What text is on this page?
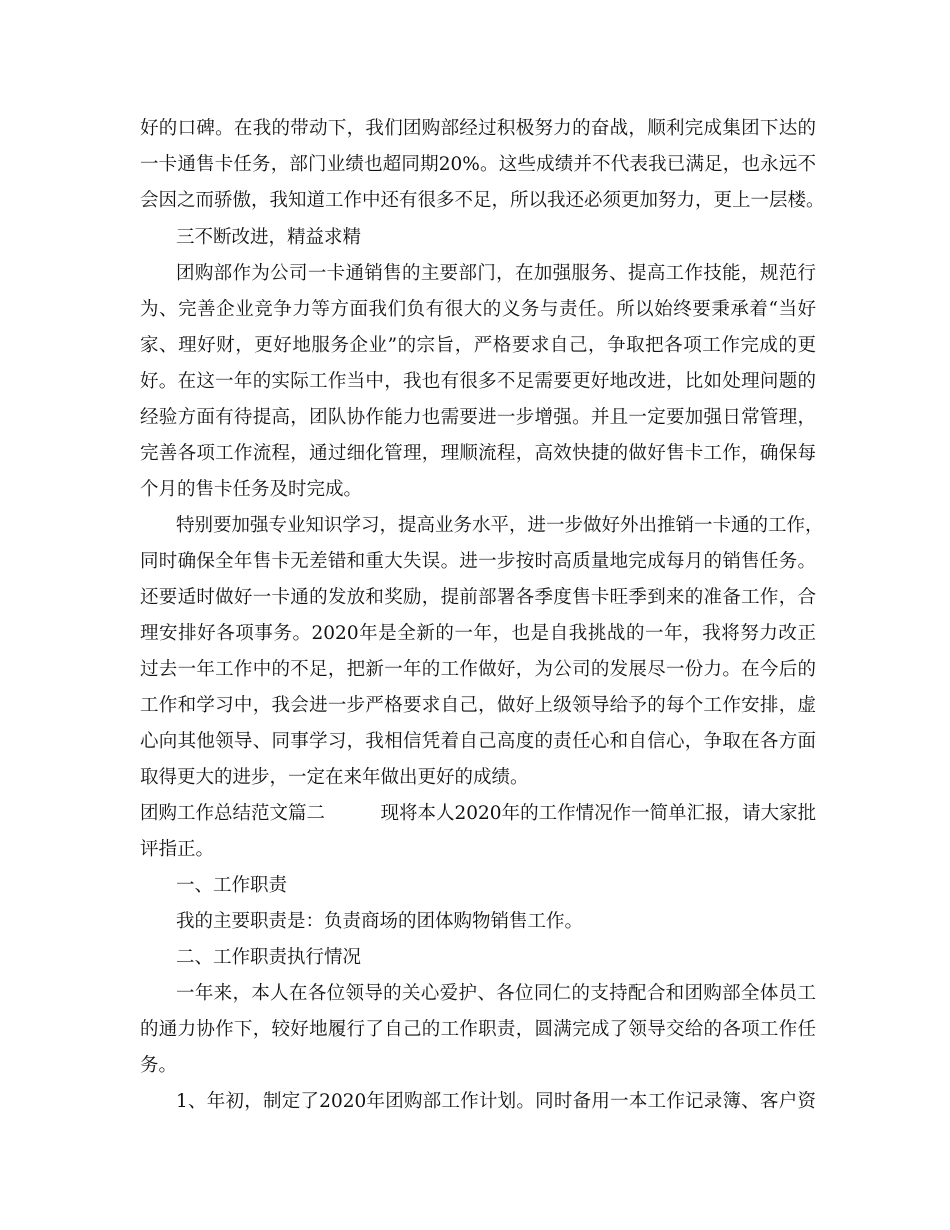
好的口碑。在我的带动下，我们团购部经过积极努力的奋战，顺利完成集团下达的
一卡通售卡任务，部门业绩也超同期20%。这些成绩并不代表我已满足，也永远不
会因之而骄傲，我知道工作中还有很多不足，所以我还必须更加努力，更上一层楼。
三不断改进，精益求精
团购部作为公司一卡通销售的主要部门，在加强服务、提高工作技能，规范行
为、完善企业竞争力等方面我们负有很大的义务与责任。所以始终要秉承着“当好
家、理好财，更好地服务企业”的宗旨，严格要求自己，争取把各项工作完成的更
好。在这一年的实际工作当中，我也有很多不足需要更好地改进，比如处理问题的
经验方面有待提高，团队协作能力也需要进一步增强。并且一定要加强日常管理，
完善各项工作流程，通过细化管理，理顺流程，高效快捷的做好售卡工作，确保每
个月的售卡任务及时完成。
特别要加强专业知识学习，提高业务水平，进一步做好外出推销一卡通的工作，
同时确保全年售卡无差错和重大失误。进一步按时高质量地完成每月的销售任务。
还要适时做好一卡通的发放和奖励，提前部署各季度售卡旺季到来的准备工作，合
理安排好各项事务。2020年是全新的一年，也是自我挑战的一年，我将努力改正
过去一年工作中的不足，把新一年的工作做好，为公司的发展尽一份力。在今后的
工作和学习中，我会进一步严格要求自己，做好上级领导给予的每个工作安排，虚
心向其他领导、同事学习，我相信凭着自己高度的责任心和自信心，争取在各方面
取得更大的进步，一定在来年做出更好的成绩。
团购工作总结范文篇二　　　现将本人2020年的工作情况作一简单汇报，请大家批
评指正。
一、工作职责
我的主要职责是：负责商场的团体购物销售工作。
二、工作职责执行情况
一年来，本人在各位领导的关心爱护、各位同仁的支持配合和团购部全体员工
的通力协作下，较好地履行了自己的工作职责，圆满完成了领导交给的各项工作任
务。
1、年初，制定了2020年团购部工作计划。同时备用一本工作记录簿、客户资
